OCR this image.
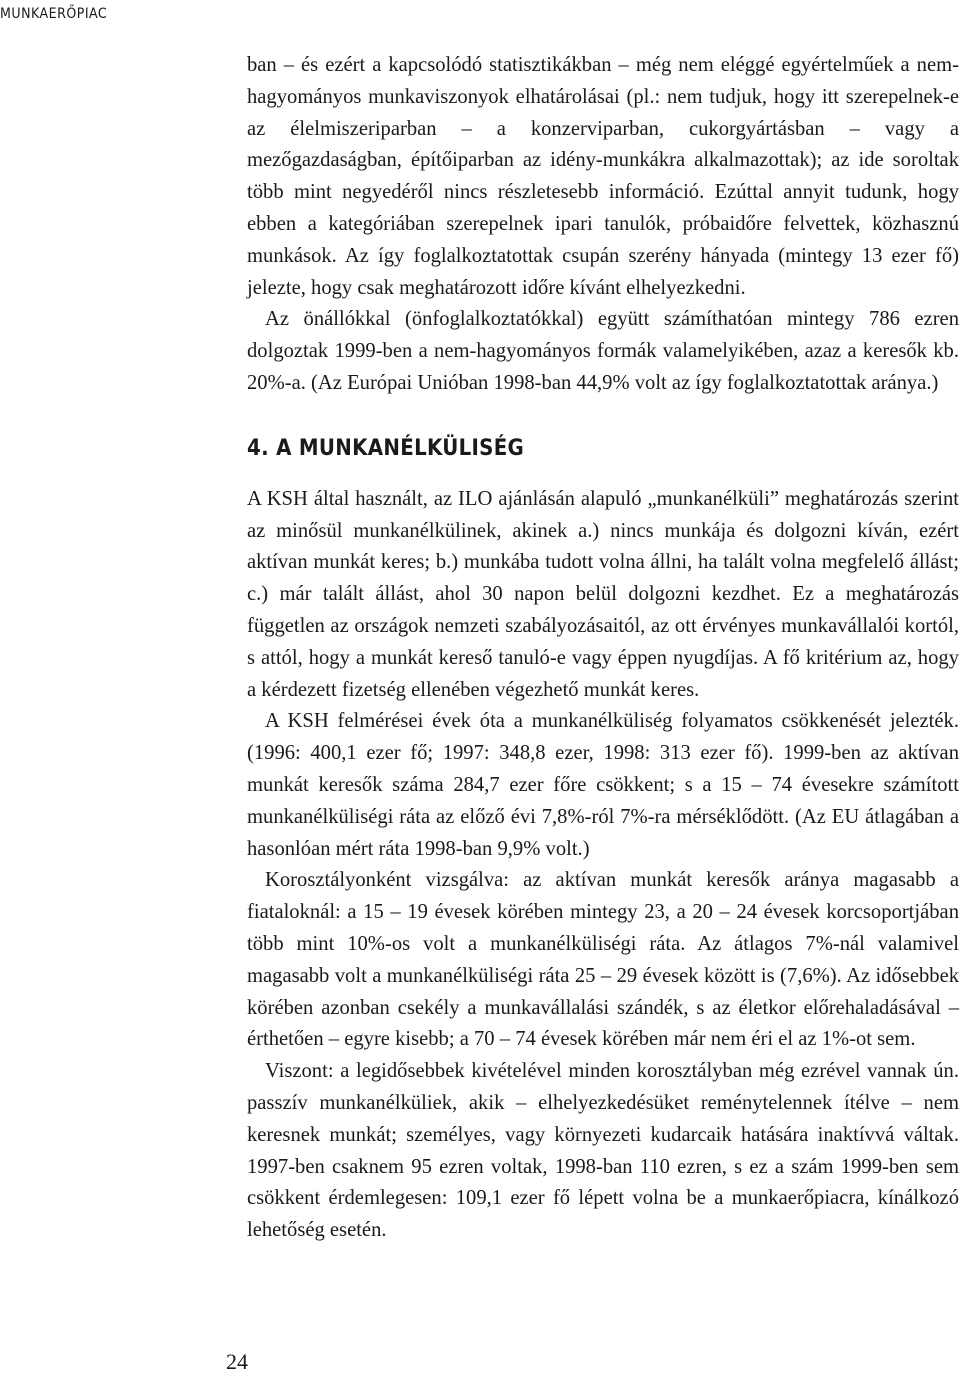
MUNKAERŐPIAC

ban – és ezért a kapcsolódó statisztikákban – még nem eléggé egyértelműek a nem-hagyományos munkaviszonyok elhatárolásai (pl.: nem tudjuk, hogy itt szerepelnek-e az élelmiszeriparban – a konzerviparban, cukorgyártásban – vagy a mezőgazdaságban, építőiparban az idény-munkákra alkalmazottak); az ide soroltak több mint negyedéről nincs részletesebb információ. Ezúttal annyit tudunk, hogy ebben a kategóriában szerepelnek ipari tanulók, próbaidőre felvettek, közhasznú munkások. Az így foglalkoztatottak csupán szerény hányada (mintegy 13 ezer fő) jelezte, hogy csak meghatározott időre kívánt elhelyezkedni.

Az önállókkal (önfoglalkoztatókkal) együtt számíthatóan mintegy 786 ezren dolgoztak 1999-ben a nem-hagyományos formák valamelyikében, azaz a keresők kb. 20%-a. (Az Európai Unióban 1998-ban 44,9% volt az így foglalkoztatottak aránya.)

4. A MUNKANÉLKÜLISÉG

A KSH által használt, az ILO ajánlásán alapuló „munkanélküli” meghatározás szerint az minősül munkanélkülinek, akinek a.) nincs munkája és dolgozni kíván, ezért aktívan munkát keres; b.) munkába tudott volna állni, ha talált volna megfelelő állást; c.) már talált állást, ahol 30 napon belül dolgozni kezdhet. Ez a meghatározás független az országok nemzeti szabályozásaitól, az ott érvényes munkavállalói kortól, s attól, hogy a munkát kereső tanuló-e vagy éppen nyugdíjas. A fő kritérium az, hogy a kérdezett fizetség ellenében végezhető munkát keres.

A KSH felmérései évek óta a munkanélküliség folyamatos csökkenését jelezték. (1996: 400,1 ezer fő; 1997: 348,8 ezer, 1998: 313 ezer fő). 1999-ben az aktívan munkát keresők száma 284,7 ezer főre csökkent; s a 15 – 74 évesekre számított munkanélküliségi ráta az előző évi 7,8%-ról 7%-ra mérséklődött. (Az EU átlagában a hasonlóan mért ráta 1998-ban 9,9% volt.)

Korosztályonként vizsgálva: az aktívan munkát keresők aránya magasabb a fiataloknál: a 15 – 19 évesek körében mintegy 23, a 20 – 24 évesek korcsoportjában több mint 10%-os volt a munkanélküliségi ráta. Az átlagos 7%-nál valamivel magasabb volt a munkanélküliségi ráta 25 – 29 évesek között is (7,6%). Az idősebbek körében azonban csekély a munkavállalási szándék, s az életkor előrehaladásával – érthetően – egyre kisebb; a 70 – 74 évesek körében már nem éri el az 1%-ot sem.

Viszont: a legidősebbek kivételével minden korosztályban még ezrével vannak ún. passzív munkanélküliek, akik – elhelyezkedésüket reménytelennek ítélve – nem keresnek munkát; személyes, vagy környezeti kudarcaik hatására inaktívvá váltak. 1997-ben csaknem 95 ezren voltak, 1998-ban 110 ezren, s ez a szám 1999-ben sem csökkent érdemlegesen: 109,1 ezer fő lépett volna be a munkaerőpiacra, kínálkozó lehetőség esetén.

24
